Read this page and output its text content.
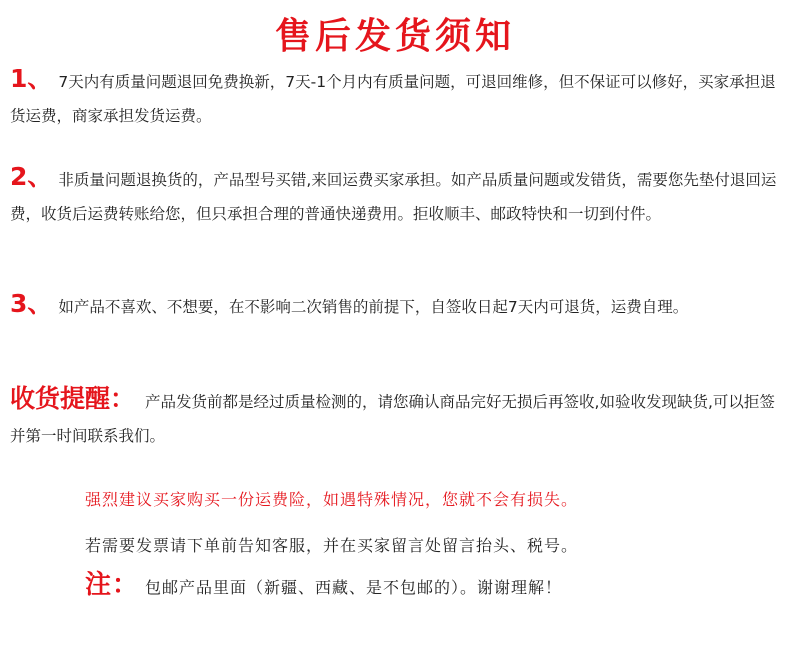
售后发货须知
1、 7天内有质量问题退回免费换新，7天-1个月内有质量问题，可退回维修，但不保证可以修好，买家承担退货运费，商家承担发货运费。
2、 非质量问题退换货的，产品型号买错,来回运费买家承担。如产品质量问题或发错货，需要您先垫付退回运费，收货后运费转账给您，但只承担合理的普通快递费用。拒收顺丰、邮政特快和一切到付件。
3、 如产品不喜欢、不想要，在不影响二次销售的前提下，自签收日起7天内可退货，运费自理。
收货提醒： 产品发货前都是经过质量检测的，请您确认商品完好无损后再签收,如验收发现缺货,可以拒签并第一时间联系我们。
强烈建议买家购买一份运费险，如遇特殊情况，您就不会有损失。
若需要发票请下单前告知客服，并在买家留言处留言抬头、税号。
注： 包邮产品里面（新疆、西藏、是不包邮的）。谢谢理解！
